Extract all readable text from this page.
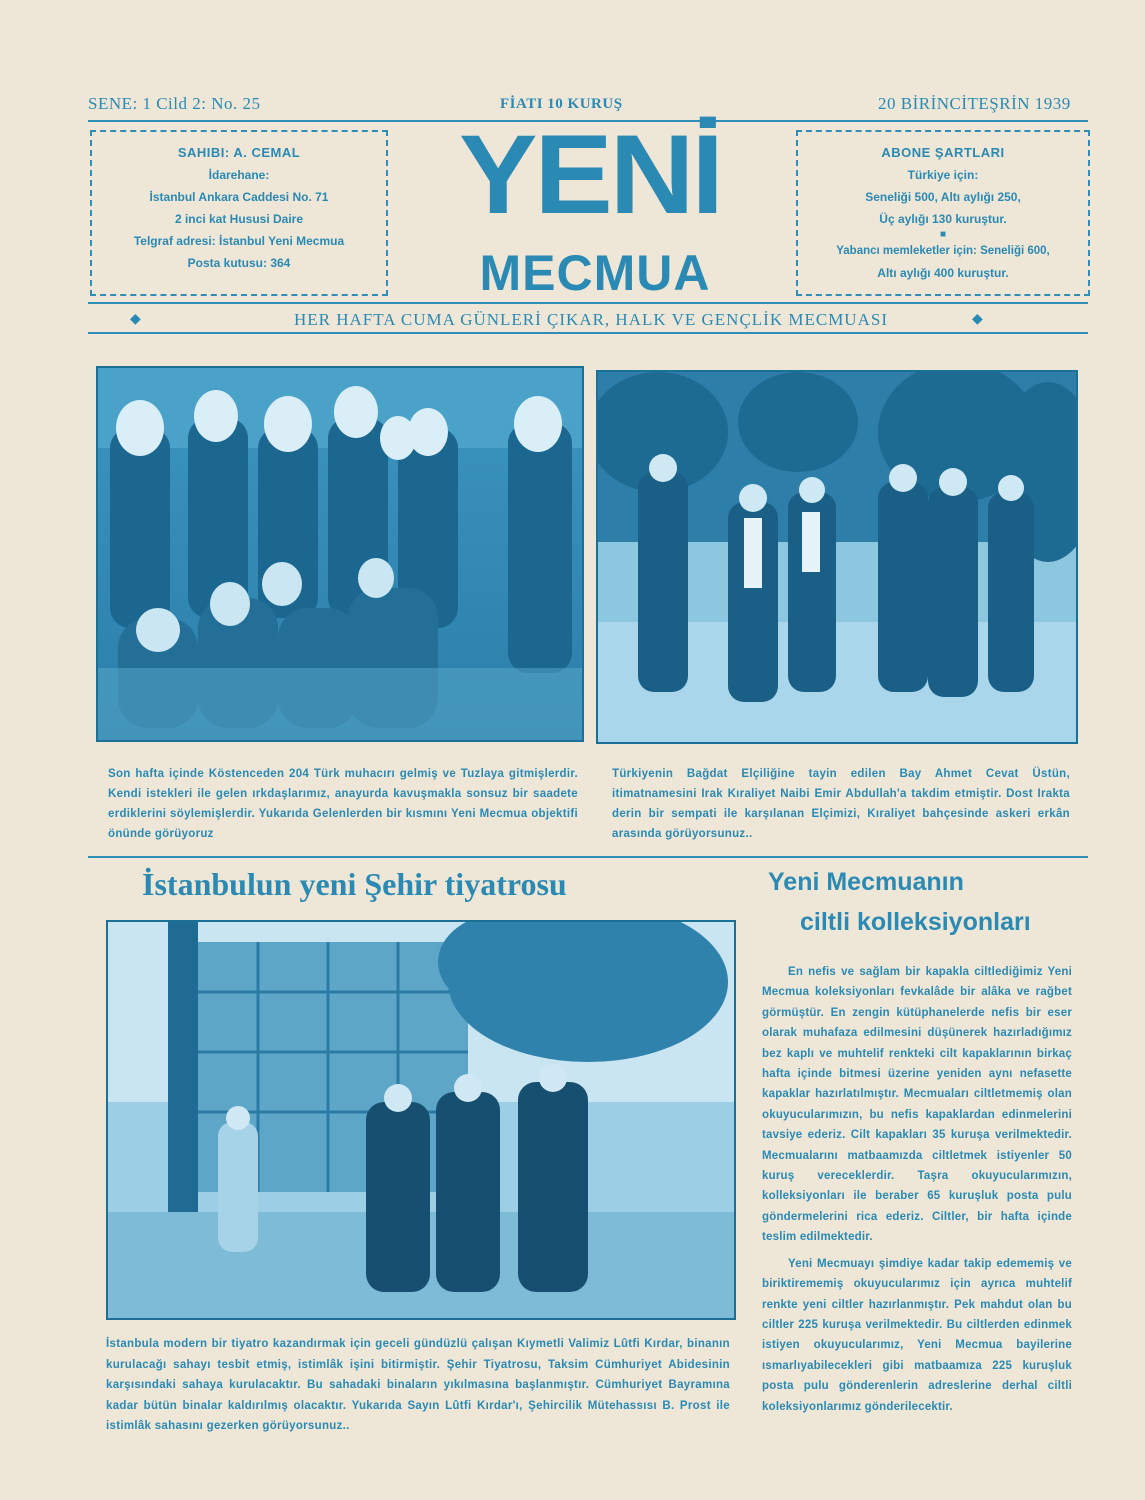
SENE: 1 Cild 2: No. 25	FİATI 10 KURUŞ	20 BİRİNCİTEŞRİN 1939
SAHIBI: A. CEMAL
İdarehane:
İstanbul Ankara Caddesi No. 71
2 inci kat Hususi Daire
Telgraf adresi: İstanbul Yeni Mecmua
Posta kutusu: 364
YENİ
MECMUA
ABONE ŞARTLARI
Türkiye için:
Seneliği 500, Altı aylığı 250,
Üç aylığı 130 kuruştur.
■
Yabancı memleketler için: Seneliği 600,
Altı aylığı 400 kuruştur.
◆	HER HAFTA CUMA GÜNLERİ ÇIKAR, HALK VE GENÇLİK MECMUASI	◆
Son hafta içinde Köstenceden 204 Türk muhacırı gelmiş ve Tuzlaya gitmişlerdir. Kendi istekleri ile gelen ırkdaşlarımız, anayurda kavuşmakla sonsuz bir saadete erdiklerini söylemişlerdir. Yukarıda Gelenlerden bir kısmını Yeni Mecmua objektifi önünde görüyoruz
Türkiyenin Bağdat Elçiliğine tayin edilen Bay Ahmet Cevat Üstün, itimatnamesini Irak Kıraliyet Naibi Emir Abdullah'a takdim etmiştir. Dost Irakta derin bir sempati ile karşılanan Elçimizi, Kıraliyet bahçesinde askeri erkân arasında görüyorsunuz..
İstanbulun yeni Şehir tiyatrosu
İstanbula modern bir tiyatro kazandırmak için geceli gündüzlü çalışan Kıymetli Valimiz Lûtfi Kırdar, binanın kurulacağı sahayı tesbit etmiş, istimlâk işini bitirmiştir. Şehir Tiyatrosu, Taksim Cümhuriyet Abidesinin karşısındaki sahaya kurulacaktır. Bu sahadaki binaların yıkılmasına başlanmıştır. Cümhuriyet Bayramına kadar bütün binalar kaldırılmış olacaktır. Yukarıda Sayın Lûtfi Kırdar'ı, Şehircilik Mütehassısı B. Prost ile istimlâk sahasını gezerken görüyorsunuz..
Yeni Mecmuanın
ciltli kolleksiyonları

En nefis ve sağlam bir kapakla ciltlediğimiz Yeni Mecmua koleksiyonları fevkalâde bir alâka ve rağbet görmüştür. En zengin kütüphanelerde nefis bir eser olarak muhafaza edilmesini düşünerek hazırladığımız bez kaplı ve muhtelif renkteki cilt kapaklarının birkaç hafta içinde bitmesi üzerine yeniden aynı nefasette kapaklar hazırlatılmıştır. Mecmuaları ciltletmemiş olan okuyucularımızın, bu nefis kapaklardan edinmelerini tavsiye ederiz. Cilt kapakları 35 kuruşa verilmektedir. Mecmualarını matbaamızda ciltletmek istiyenler 50 kuruş vereceklerdir. Taşra okuyucularımızın, kolleksiyonları ile beraber 65 kuruşluk posta pulu göndermelerini rica ederiz. Ciltler, bir hafta içinde teslim edilmektedir.

Yeni Mecmuayı şimdiye kadar takip edememiş ve biriktirememiş okuyucularımız için ayrıca muhtelif renkte yeni ciltler hazırlanmıştır. Pek mahdut olan bu ciltler 225 kuruşa verilmektedir. Bu ciltlerden edinmek istiyen okuyucularımız, Yeni Mecmua bayilerine ısmarlıyabilecekleri gibi matbaamıza 225 kuruşluk posta pulu gönderenlerin adreslerine derhal ciltli koleksiyonlarımız gönderilecektir.
